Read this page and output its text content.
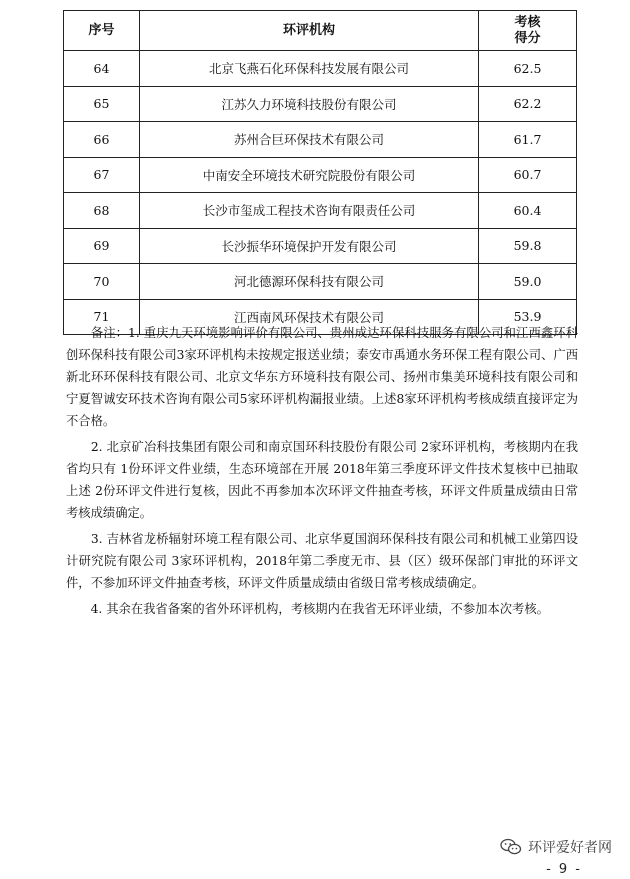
序号	环评机构	考核
得分
64	北京飞燕石化环保科技发展有限公司	62.5
65	江苏久力环境科技股份有限公司	62.2
66	苏州合巨环保技术有限公司	61.7
67	中南安全环境技术研究院股份有限公司	60.7
68	长沙市玺成工程技术咨询有限责任公司	60.4
69	长沙振华环境保护开发有限公司	59.8
70	河北德源环保科技有限公司	59.0
71	江西南风环保技术有限公司	53.9

　　备注：1. 重庆九天环境影响评价有限公司、贵州成达环保科技服务有限公司和江西鑫环科创环保科技有限公司3家环评机构未按规定报送业绩；泰安市禹通水务环保工程有限公司、广西新北环环保科技有限公司、北京文华东方环境科技有限公司、扬州市集美环境科技有限公司和宁夏智诚安环技术咨询有限公司5家环评机构漏报业绩。上述8家环评机构考核成绩直接评定为不合格。

　　2. 北京矿冶科技集团有限公司和南京国环科技股份有限公司 2家环评机构，考核期内在我省均只有 1份环评文件业绩，生态环境部在开展 2018年第三季度环评文件技术复核中已抽取上述 2份环评文件进行复核，因此不再参加本次环评文件抽查考核，环评文件质量成绩由日常考核成绩确定。

　　3. 吉林省龙桥辐射环境工程有限公司、北京华夏国润环保科技有限公司和机械工业第四设计研究院有限公司 3家环评机构，2018年第二季度无市、县（区）级环保部门审批的环评文件，不参加环评文件抽查考核，环评文件质量成绩由省级日常考核成绩确定。

　　4. 其余在我省备案的省外环评机构，考核期内在我省无环评业绩，不参加本次考核。

环评爱好者网
- 9 -
